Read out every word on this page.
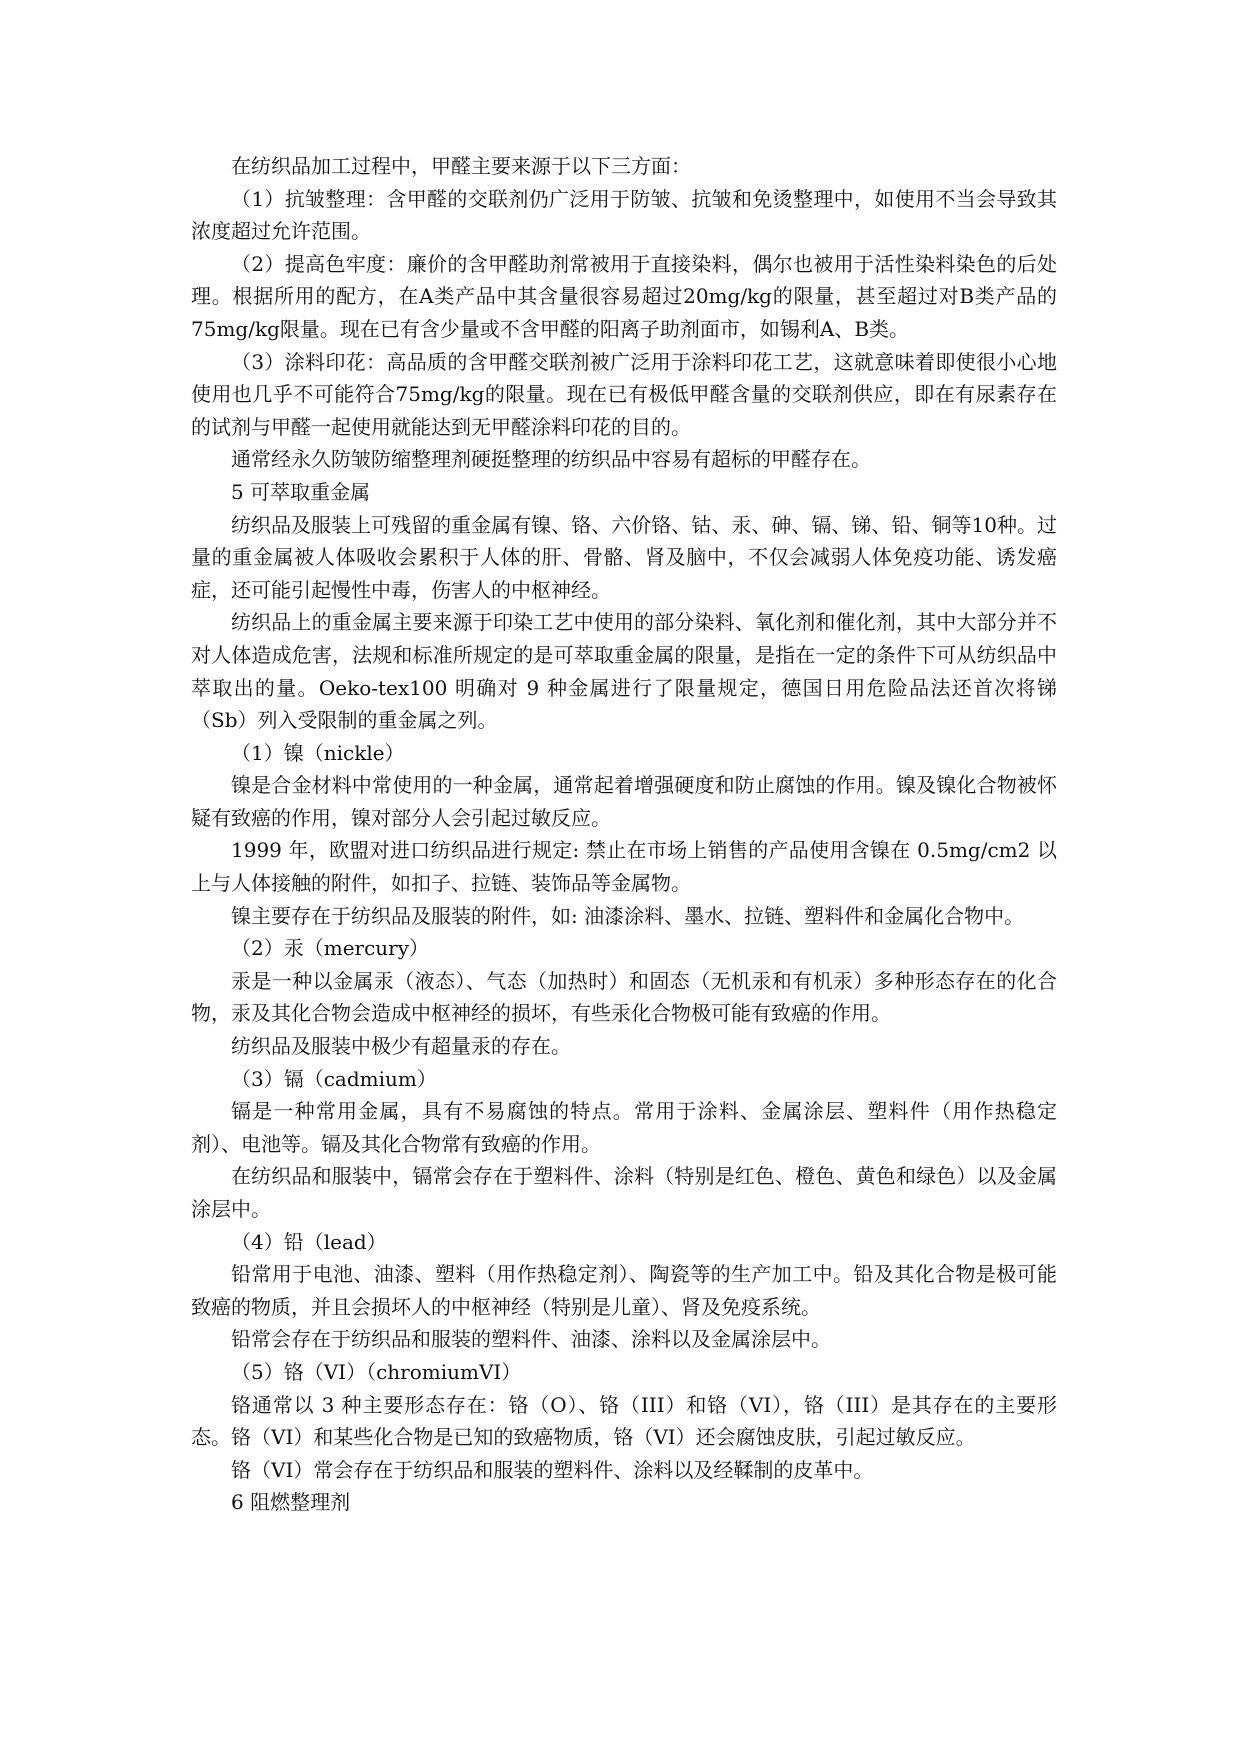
在纺织品加工过程中，甲醛主要来源于以下三方面：

（1）抗皱整理：含甲醛的交联剂仍广泛用于防皱、抗皱和免烫整理中，如使用不当会导致其浓度超过允许范围。

（2）提高色牢度：廉价的含甲醛助剂常被用于直接染料，偶尔也被用于活性染料染色的后处理。根据所用的配方，在A类产品中其含量很容易超过20mg/kg的限量，甚至超过对B类产品的75mg/kg限量。现在已有含少量或不含甲醛的阳离子助剂面市，如锡利A、B类。

（3）涂料印花：高品质的含甲醛交联剂被广泛用于涂料印花工艺，这就意味着即使很小心地使用也几乎不可能符合75mg/kg的限量。现在已有极低甲醛含量的交联剂供应，即在有尿素存在的试剂与甲醛一起使用就能达到无甲醛涂料印花的目的。

通常经永久防皱防缩整理剂硬挺整理的纺织品中容易有超标的甲醛存在。

5 可萃取重金属

纺织品及服装上可残留的重金属有镍、铬、六价铬、钴、汞、砷、镉、锑、铅、铜等10种。过量的重金属被人体吸收会累积于人体的肝、骨骼、肾及脑中，不仅会减弱人体免疫功能、诱发癌症，还可能引起慢性中毒，伤害人的中枢神经。

纺织品上的重金属主要来源于印染工艺中使用的部分染料、氧化剂和催化剂，其中大部分并不对人体造成危害，法规和标准所规定的是可萃取重金属的限量，是指在一定的条件下可从纺织品中萃取出的量。Oeko-tex100 明确对 9 种金属进行了限量规定，德国日用危险品法还首次将锑（Sb）列入受限制的重金属之列。

（1）镍（nickle）

镍是合金材料中常使用的一种金属，通常起着增强硬度和防止腐蚀的作用。镍及镍化合物被怀疑有致癌的作用，镍对部分人会引起过敏反应。

1999 年，欧盟对进口纺织品进行规定: 禁止在市场上销售的产品使用含镍在 0.5mg/cm2 以上与人体接触的附件，如扣子、拉链、装饰品等金属物。

镍主要存在于纺织品及服装的附件，如: 油漆涂料、墨水、拉链、塑料件和金属化合物中。

（2）汞（mercury）

汞是一种以金属汞（液态）、气态（加热时）和固态（无机汞和有机汞）多种形态存在的化合物，汞及其化合物会造成中枢神经的损坏，有些汞化合物极可能有致癌的作用。

纺织品及服装中极少有超量汞的存在。

（3）镉（cadmium）

镉是一种常用金属，具有不易腐蚀的特点。常用于涂料、金属涂层、塑料件（用作热稳定剂）、电池等。镉及其化合物常有致癌的作用。

在纺织品和服装中，镉常会存在于塑料件、涂料（特别是红色、橙色、黄色和绿色）以及金属涂层中。

（4）铅（lead）

铅常用于电池、油漆、塑料（用作热稳定剂）、陶瓷等的生产加工中。铅及其化合物是极可能致癌的物质，并且会损坏人的中枢神经（特别是儿童）、肾及免疫系统。

铅常会存在于纺织品和服装的塑料件、油漆、涂料以及金属涂层中。

（5）铬（VI）（chromiumVI）

铬通常以 3 种主要形态存在：铬（O）、铬（III）和铬（VI），铬（III）是其存在的主要形态。铬（VI）和某些化合物是已知的致癌物质，铬（VI）还会腐蚀皮肤，引起过敏反应。

铬（VI）常会存在于纺织品和服装的塑料件、涂料以及经鞣制的皮革中。

6 阻燃整理剂
